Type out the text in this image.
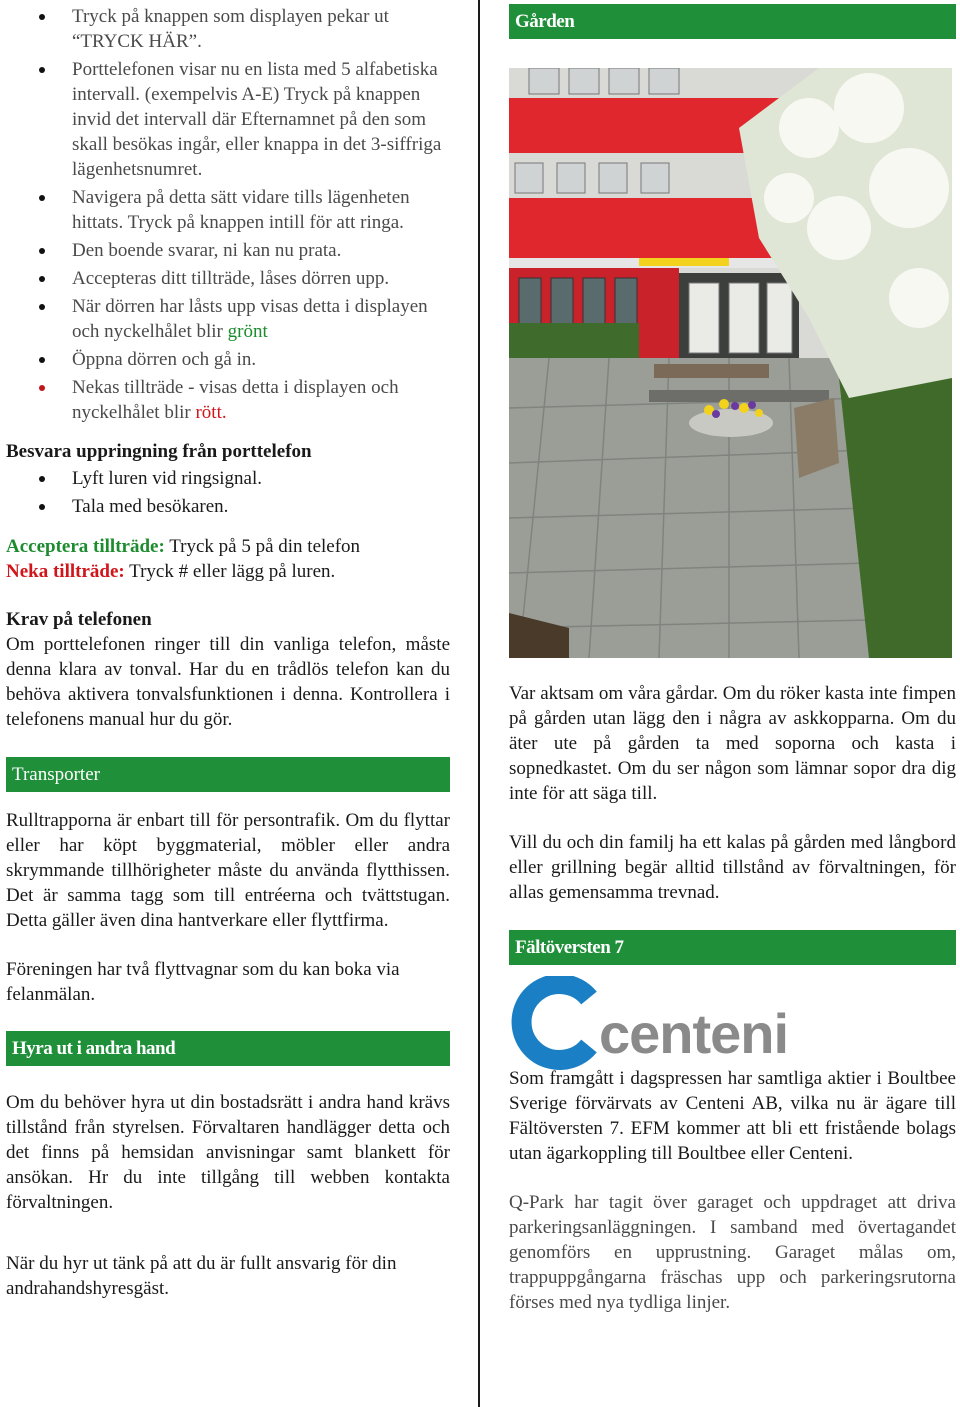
Tryck på knappen som displayen pekar ut “TRYCK HÄR”.
Porttelefonen visar nu en lista med 5 alfabetiska intervall. (exempelvis A-E) Tryck på knappen invid det intervall där Efternamnet på den som skall besökas ingår, eller knappa in det 3-siffriga lägenhetsnumret.
Navigera på detta sätt vidare tills lägenheten hittats. Tryck på knappen intill för att ringa.
Den boende svarar, ni kan nu prata.
Accepteras ditt tillträde, låses dörren upp.
När dörren har låsts upp visas detta i displayen och nyckelhålet blir grönt
Öppna dörren och gå in.
Nekas tillträde - visas detta i displayen och nyckelhålet blir rött.
Besvara uppringning från porttelefon
Lyft luren vid ringsignal.
Tala med besökaren.

Acceptera tillträde: Tryck på 5 på din telefon

Neka tillträde: Tryck # eller lägg på luren.

Krav på telefonen

Om porttelefonen ringer till din vanliga telefon, måste denna klara av tonval. Har du en trådlös telefon kan du behöva aktivera tonvalsfunktionen i denna. Kontrollera i telefonens manual hur du gör.

Transporter

Rulltrapporna är enbart till för persontrafik. Om du flyttar eller har köpt byggmaterial, möbler eller andra skrymmande tillhörigheter måste du använda flytthissen. Det är samma tagg som till entréerna och tvättstugan. Detta gäller även dina hantverkare eller flyttfirma.

Föreningen har två flyttvagnar som du kan boka via felanmälan.

Hyra ut i andra hand

Om du behöver hyra ut din bostadsrätt i andra hand krävs tillstånd från styrelsen. Förvaltaren handlägger detta och det finns på hemsidan anvisningar samt blankett för ansökan. Hr du inte tillgång till webben kontakta förvaltningen.

När du hyr ut tänk på att du är fullt ansvarig för din andrahandshyresgäst.

Gården

Var aktsam om våra gårdar. Om du röker kasta inte fimpen på gården utan lägg den i några av askkopparna. Om du äter ute på gården ta med soporna och kasta i sopnedkastet. Om du ser någon som lämnar sopor dra dig inte för att säga till.

Vill du och din familj ha ett kalas på gården med långbord eller grillning begär alltid tillstånd av förvaltningen, för allas gemensamma trevnad.

Fältöversten 7
centeni

Som framgått i dagspressen har samtliga aktier i Boultbee Sverige förvärvats av Centeni AB, vilka nu är ägare till Fältöversten 7. EFM kommer att bli ett fristående bolags utan ägarkoppling till Boultbee eller Centeni.

Q-Park har tagit över garaget och uppdraget att driva parkeringsanläggningen. I samband med övertagandet genomförs en upprustning. Garaget målas om, trappuppgångarna fräschas upp och parkeringsrutorna förses med nya tydliga linjer.
